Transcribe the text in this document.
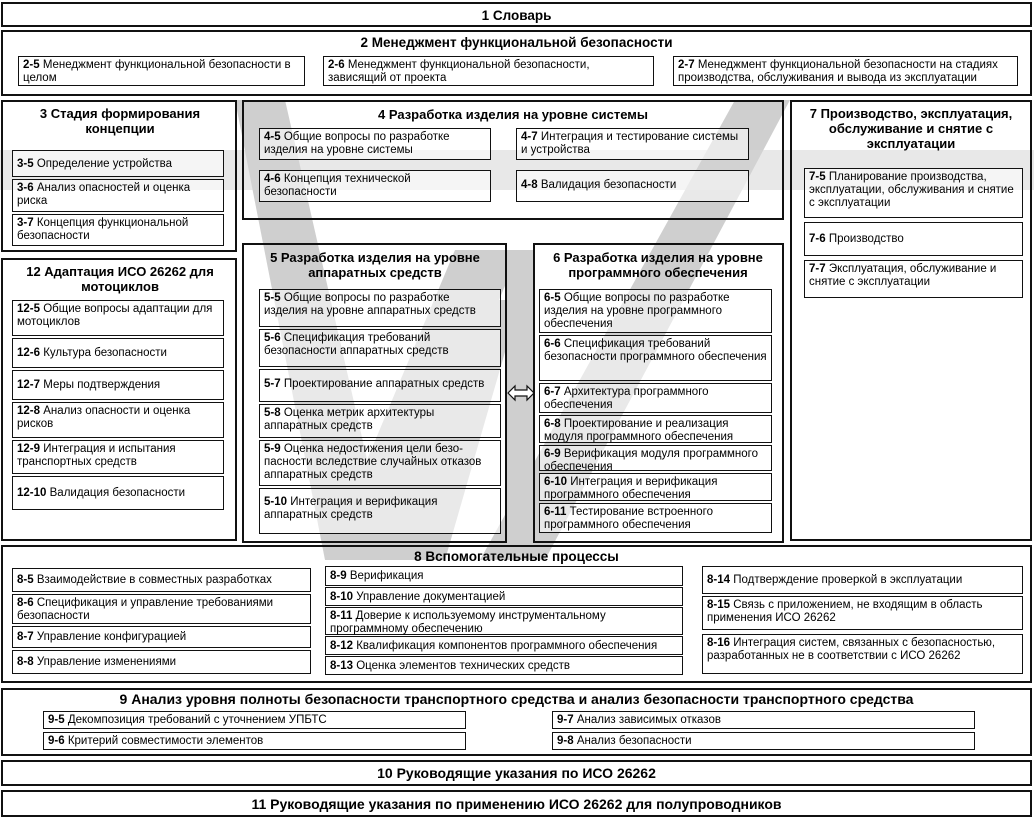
1 Словарь
2 Менеджмент функциональной безопасности
2-5 Менеджмент функциональной безопасности в целом
2-6 Менеджмент функциональной безопасности, зависящий от проекта
2-7 Менеджмент функциональной безопасности на стадиях производства, обслуживания и вывода из эксплуатации
3 Стадия формирования концепции
3-5 Определение устройства
3-6 Анализ опасностей и оценка риска
3-7 Концепция функциональной безопасности
12 Адаптация ИСО 26262 для мотоциклов
12-5 Общие вопросы адаптации для мотоциклов
12-6 Культура безопасности
12-7 Меры подтверждения
12-8 Анализ опасности и оценка рисков
12-9 Интеграция и испытания транспортных средств
12-10 Валидация безопасности
4 Разработка изделия на уровне системы
4-5 Общие вопросы по разработке изделия на уровне системы
4-6 Концепция технической безопасности
4-7 Интеграция и тестирование системы и устройства
4-8 Валидация безопасности
5 Разработка изделия на уровне аппаратных средств
5-5 Общие вопросы по разработке изделия на уровне аппаратных средств
5-6 Спецификация требований безопасности аппаратных средств
5-7 Проектирование аппаратных средств
5-8 Оценка метрик архитектуры аппаратных средств
5-9 Оценка недостижения цели безо-пасности вследствие случайных отказов аппаратных средств
5-10 Интеграция и верификация аппаратных средств
6 Разработка изделия на уровне программного обеспечения
6-5 Общие вопросы по разработке изделия на уровне программного обеспечения
6-6 Спецификация требований безопасности программного обеспечения
6-7 Архитектура программного обеспечения
6-8 Проектирование и реализация модуля программного обеспечения
6-9 Верификация модуля программного обеспечения
6-10 Интеграция и верификация программного обеспечения
6-11 Тестирование встроенного программного обеспечения
7 Производство, эксплуатация, обслуживание и снятие с эксплуатации
7-5 Планирование производства, эксплуатации, обслуживания и снятие с эксплуатации
7-6 Производство
7-7 Эксплуатация, обслуживание и снятие с эксплуатации
8 Вспомогательные процессы
8-5 Взаимодействие в совместных разработках
8-6 Спецификация и управление требованиями безопасности
8-7 Управление конфигурацией
8-8 Управление изменениями
8-9 Верификация
8-10 Управление документацией
8-11 Доверие к используемому инструментальному программному обеспечению
8-12 Квалификация компонентов программного обеспечения
8-13 Оценка элементов технических средств
8-14 Подтверждение проверкой в эксплуатации
8-15 Связь с приложением, не входящим в область применения ИСО 26262
8-16 Интеграция систем, связанных с безопасностью, разработанных не в соответствии с ИСО 26262
9 Анализ уровня полноты безопасности транспортного средства и анализ безопасности транспортного средства
9-5 Декомпозиция требований с уточнением УПБТС
9-6 Критерий совместимости элементов
9-7 Анализ зависимых отказов
9-8 Анализ безопасности
10 Руководящие указания по ИСО 26262
11 Руководящие указания по применению ИСО 26262 для полупроводников
